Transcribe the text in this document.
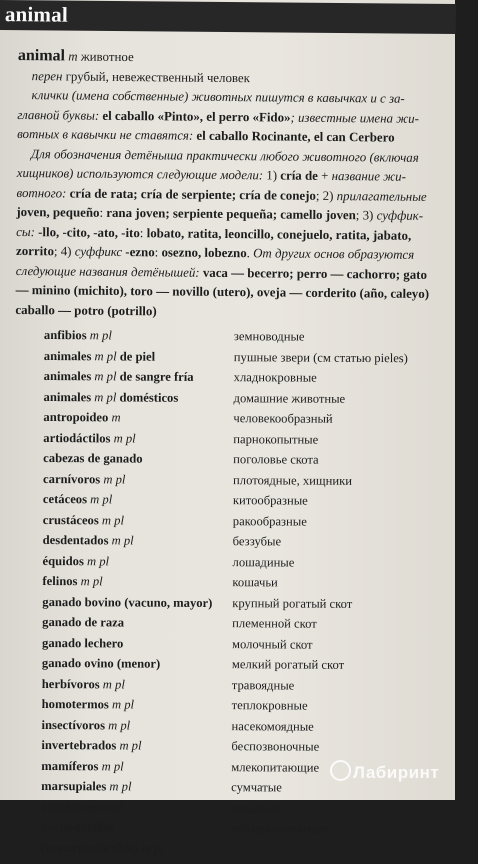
animal
animal m животное
перен грубый, невежественный человек
клички (имена собственные) животных пишутся в кавычках и с за-
главной буквы: el caballo «Pinto», el perro «Fido»; известные имена жи-
вотных в кавычки не ставятся: el caballo Rocinante, el can Cerbero
Для обозначения детёныша практически любого животного (включая
хищников) используются следующие модели: 1) cría de + название жи-
вотного: cría de rata; cría de serpiente; cría de conejo; 2) прилагательные
joven, pequeño: rana joven; serpiente pequeña; camello joven; 3) суффик-
сы: -llo, -cito, -ato, -ito: lobato, ratita, leoncillo, conejuelo, ratita, jabato,
zorrito; 4) суффикс -ezno: osezno, lobezno. От других основ образуются
следующие названия детёнышей: vaca — becerro; perro — cachorro; gato
— minino (michito), toro — novillo (utero), oveja — corderito (año, caleyo)
caballo — potro (potrillo)
anfibios m pl	земноводные
animales m pl de piel	пушные звери (см статью pieles)
animales m pl de sangre fría	хладнокровные
animales m pl domésticos	домашние животные
antropoideo m	человекообразный
artiodáctilos m pl	парнокопытные
cabezas de ganado	поголовье скота
carnívoros m pl	плотоядные, хищники
cetáceos m pl	китообразные
crustáceos m pl	ракообразные
desdentados m pl	беззубые
équidos m pl	лошадиные
felinos m pl	кошачьи
ganado bovino (vacuno, mayor) крупный рогатый скот
ganado de raza	племенной скот
ganado lechero	молочный скот
ganado ovino (menor)	мелкий рогатый скот
herbívoros m pl	травоядные
homotermos m pl	теплокровные
insectívoros m pl	насекомоядные
invertebrados m pl	беспозвоночные
mamíferos m pl	млекопитающие
marsupiales m pl	сумчатые
omnívoros m pl	всеядные
perisodáctilos	непарнокопытные
(imparisodáctilos) m pl
Лабиринт
